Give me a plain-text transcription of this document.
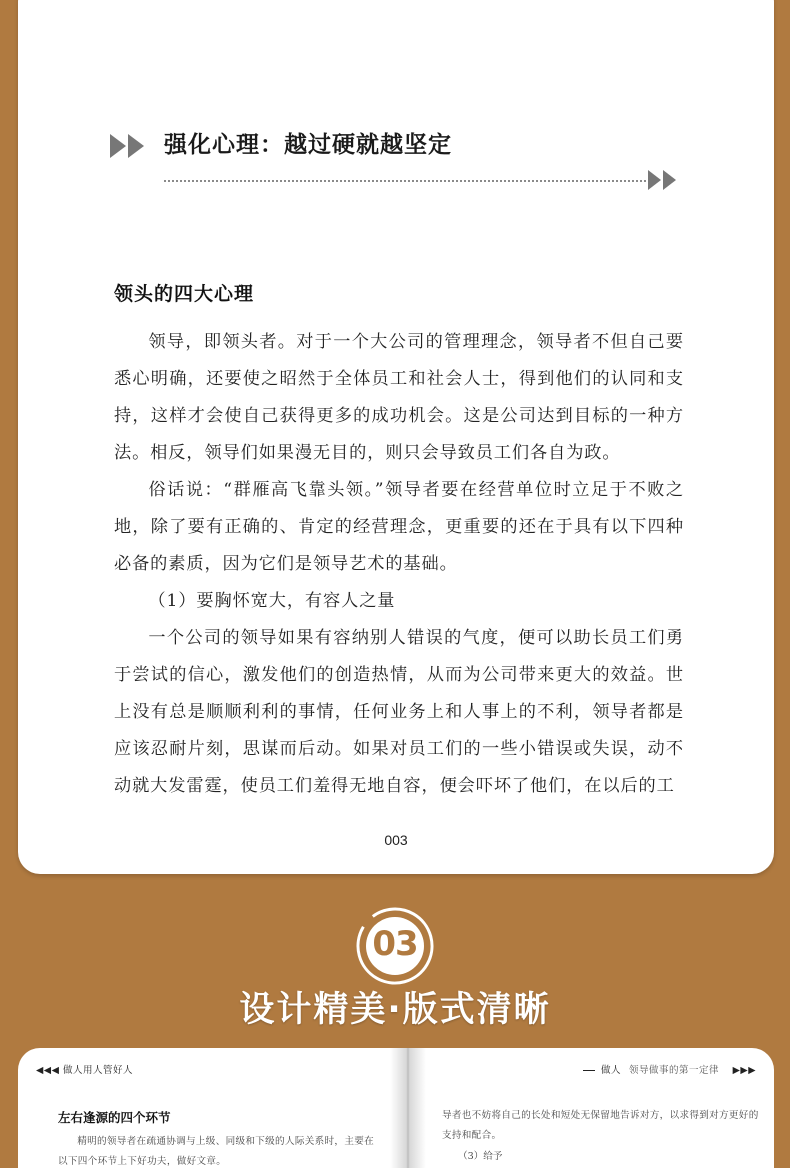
强化心理：越过硬就越坚定
领头的四大心理

领导，即领头者。对于一个大公司的管理理念，领导者不但自己要悉心明确，还要使之昭然于全体员工和社会人士，得到他们的认同和支持，这样才会使自己获得更多的成功机会。这是公司达到目标的一种方法。相反，领导们如果漫无目的，则只会导致员工们各自为政。

俗话说：“群雁高飞靠头领。”领导者要在经营单位时立足于不败之地，除了要有正确的、肯定的经营理念，更重要的还在于具有以下四种必备的素质，因为它们是领导艺术的基础。

（1）要胸怀宽大，有容人之量

一个公司的领导如果有容纳别人错误的气度，便可以助长员工们勇于尝试的信心，激发他们的创造热情，从而为公司带来更大的效益。世上没有总是顺顺利利的事情，任何业务上和人事上的不利，领导者都是应该忍耐片刻，思谋而后动。如果对员工们的一些小错误或失误，动不动就大发雷霆，使员工们羞得无地自容，便会吓坏了他们，在以后的工

003
03
设计精美·版式清晰
◀◀◀ 做人用人管好人	做人 领导做事的第一定律 ▶▶▶
左右逢源的四个环节
精明的领导者在疏通协调与上级、同级和下级的人际关系时，主要在以下四个环节上下好功夫，做好文章。
导者也不妨将自己的长处和短处无保留地告诉对方，以求得到对方更好的支持和配合。
（3）给予
